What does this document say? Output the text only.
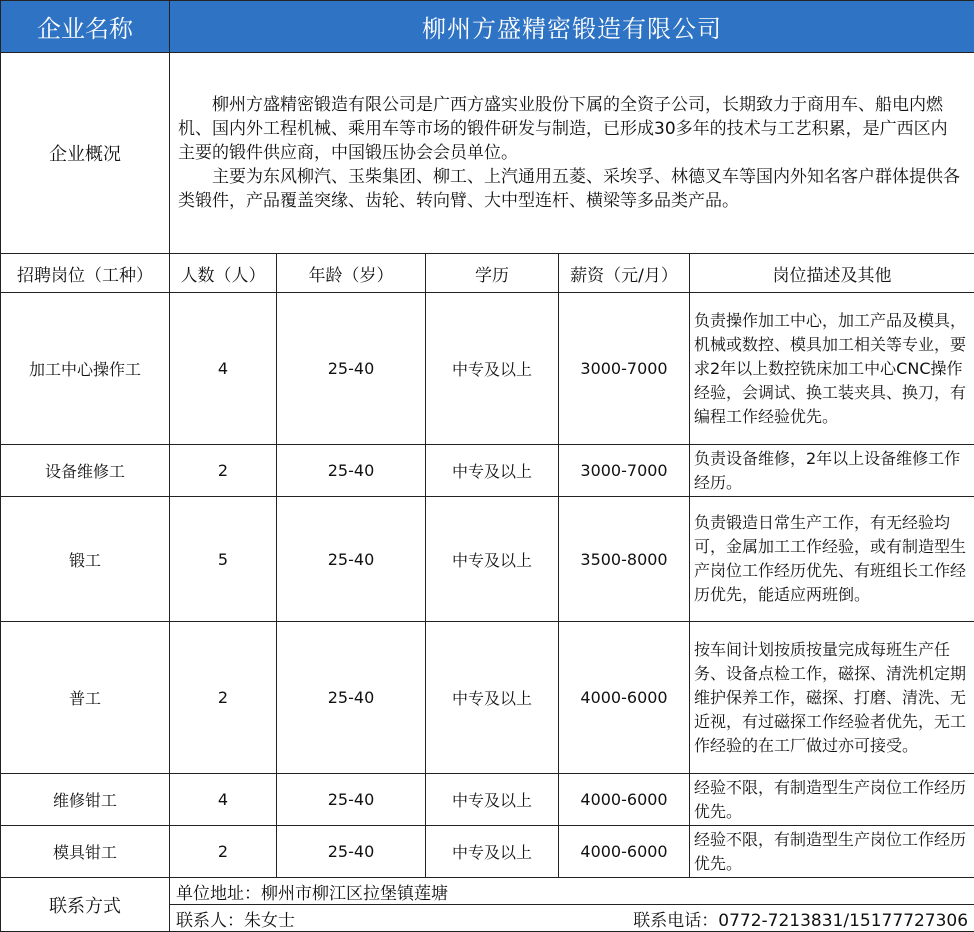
企业名称	柳州方盛精密锻造有限公司				
企业概况	柳州方盛精密锻造有限公司是广西方盛实业股份下属的全资子公司，长期致力于商用车、船电内燃机、国内外工程机械、乘用车等市场的锻件研发与制造，已形成30多年的技术与工艺积累，是广西区内主要的锻件供应商，中国锻压协会会员单位。

主要为东风柳汽、玉柴集团、柳工、上汽通用五菱、采埃孚、林德叉车等国内外知名客户群体提供各类锻件，产品覆盖突缘、齿轮、转向臂、大中型连杆、横梁等多品类产品。				

招聘岗位（工种）	人数（人）	年龄（岁）	学历	薪资（元/月）	岗位描述及其他
加工中心操作工	4	25-40	中专及以上	3000-7000	负责操作加工中心，加工产品及模具，机械或数控、模具加工相关等专业，要求2年以上数控铣床加工中心CNC操作经验，会调试、换工装夹具、换刀，有编程工作经验优先。
设备维修工	2	25-40	中专及以上	3000-7000	负责设备维修，2年以上设备维修工作经历。
锻工	5	25-40	中专及以上	3500-8000	负责锻造日常生产工作，有无经验均可，金属加工工作经验，或有制造型生产岗位工作经历优先、有班组长工作经历优先，能适应两班倒。
普工	2	25-40	中专及以上	4000-6000	按车间计划按质按量完成每班生产任务、设备点检工作，磁探、清洗机定期维护保养工作，磁探、打磨、清洗、无近视，有过磁探工作经验者优先，无工作经验的在工厂做过亦可接受。
维修钳工	4	25-40	中专及以上	4000-6000	经验不限，有制造型生产岗位工作经历优先。
模具钳工	2	25-40	中专及以上	4000-6000	经验不限，有制造型生产岗位工作经历优先。
联系方式	单位地址：柳州市柳江区拉堡镇莲塘				

	联系人：朱女士 联系电话：0772-7213831/15177727306				
